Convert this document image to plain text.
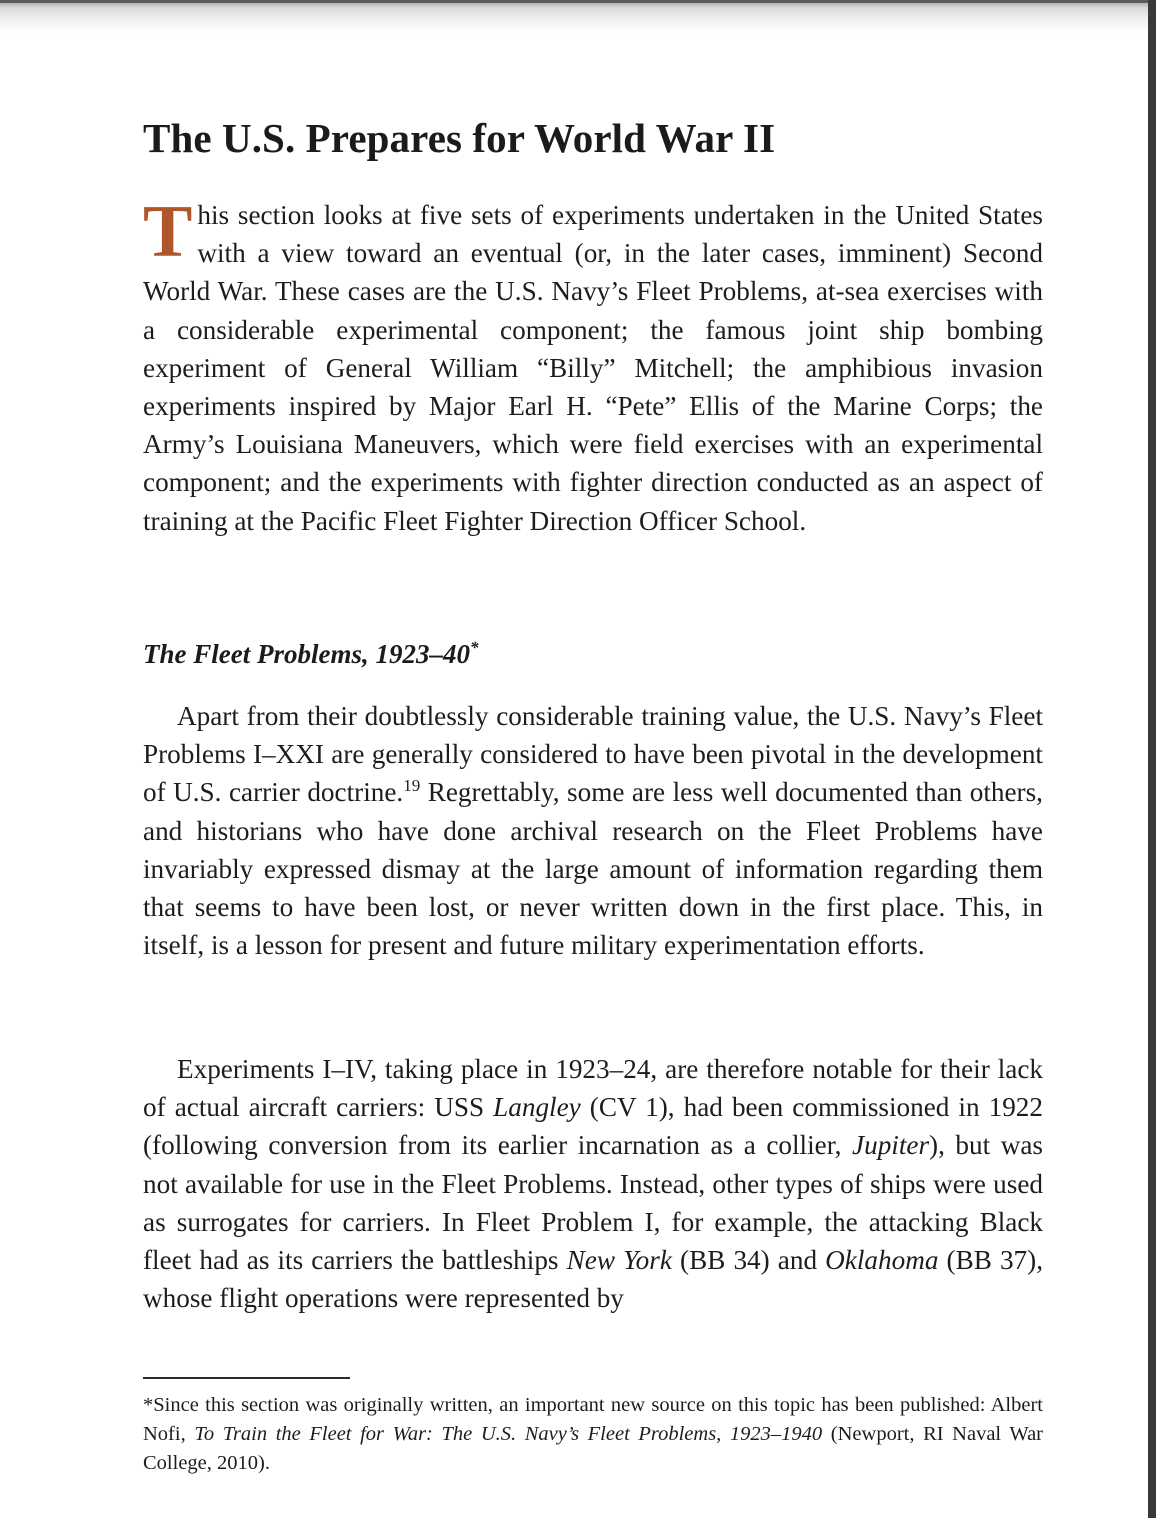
The U.S. Prepares for World War II

This section looks at five sets of experiments undertaken in the United States with a view toward an eventual (or, in the later cases, imminent) Second World War. These cases are the U.S. Navy’s Fleet Problems, at-sea exercises with a considerable experimental component; the famous joint ship bombing experiment of General William “Billy” Mitchell; the amphibious invasion experiments inspired by Major Earl H. “Pete” Ellis of the Marine Corps; the Army’s Louisiana Maneuvers, which were field exercises with an experimental component; and the experiments with fighter direction conducted as an aspect of training at the Pacific Fleet Fighter Direction Officer School.

The Fleet Problems, 1923–40*

Apart from their doubtlessly considerable training value, the U.S. Navy’s Fleet Problems I–XXI are generally considered to have been pivotal in the development of U.S. carrier doctrine.$^{19}$ Regrettably, some are less well documented than others, and historians who have done archival research on the Fleet Problems have invariably expressed dismay at the large amount of information regarding them that seems to have been lost, or never written down in the first place. This, in itself, is a lesson for present and future military experimentation efforts.

Experiments I–IV, taking place in 1923–24, are therefore notable for their lack of actual aircraft carriers: USS Langley (CV 1), had been commissioned in 1922 (following conversion from its earlier incarnation as a collier, Jupiter), but was not available for use in the Fleet Problems. Instead, other types of ships were used as surrogates for carriers. In Fleet Problem I, for example, the attacking Black fleet had as its carriers the battleships New York (BB 34) and Oklahoma (BB 37), whose flight operations were represented by

*Since this section was originally written, an important new source on this topic has been published: Albert Nofi, To Train the Fleet for War: The U.S. Navy’s Fleet Problems, 1923–1940 (Newport, RI Naval War College, 2010).
